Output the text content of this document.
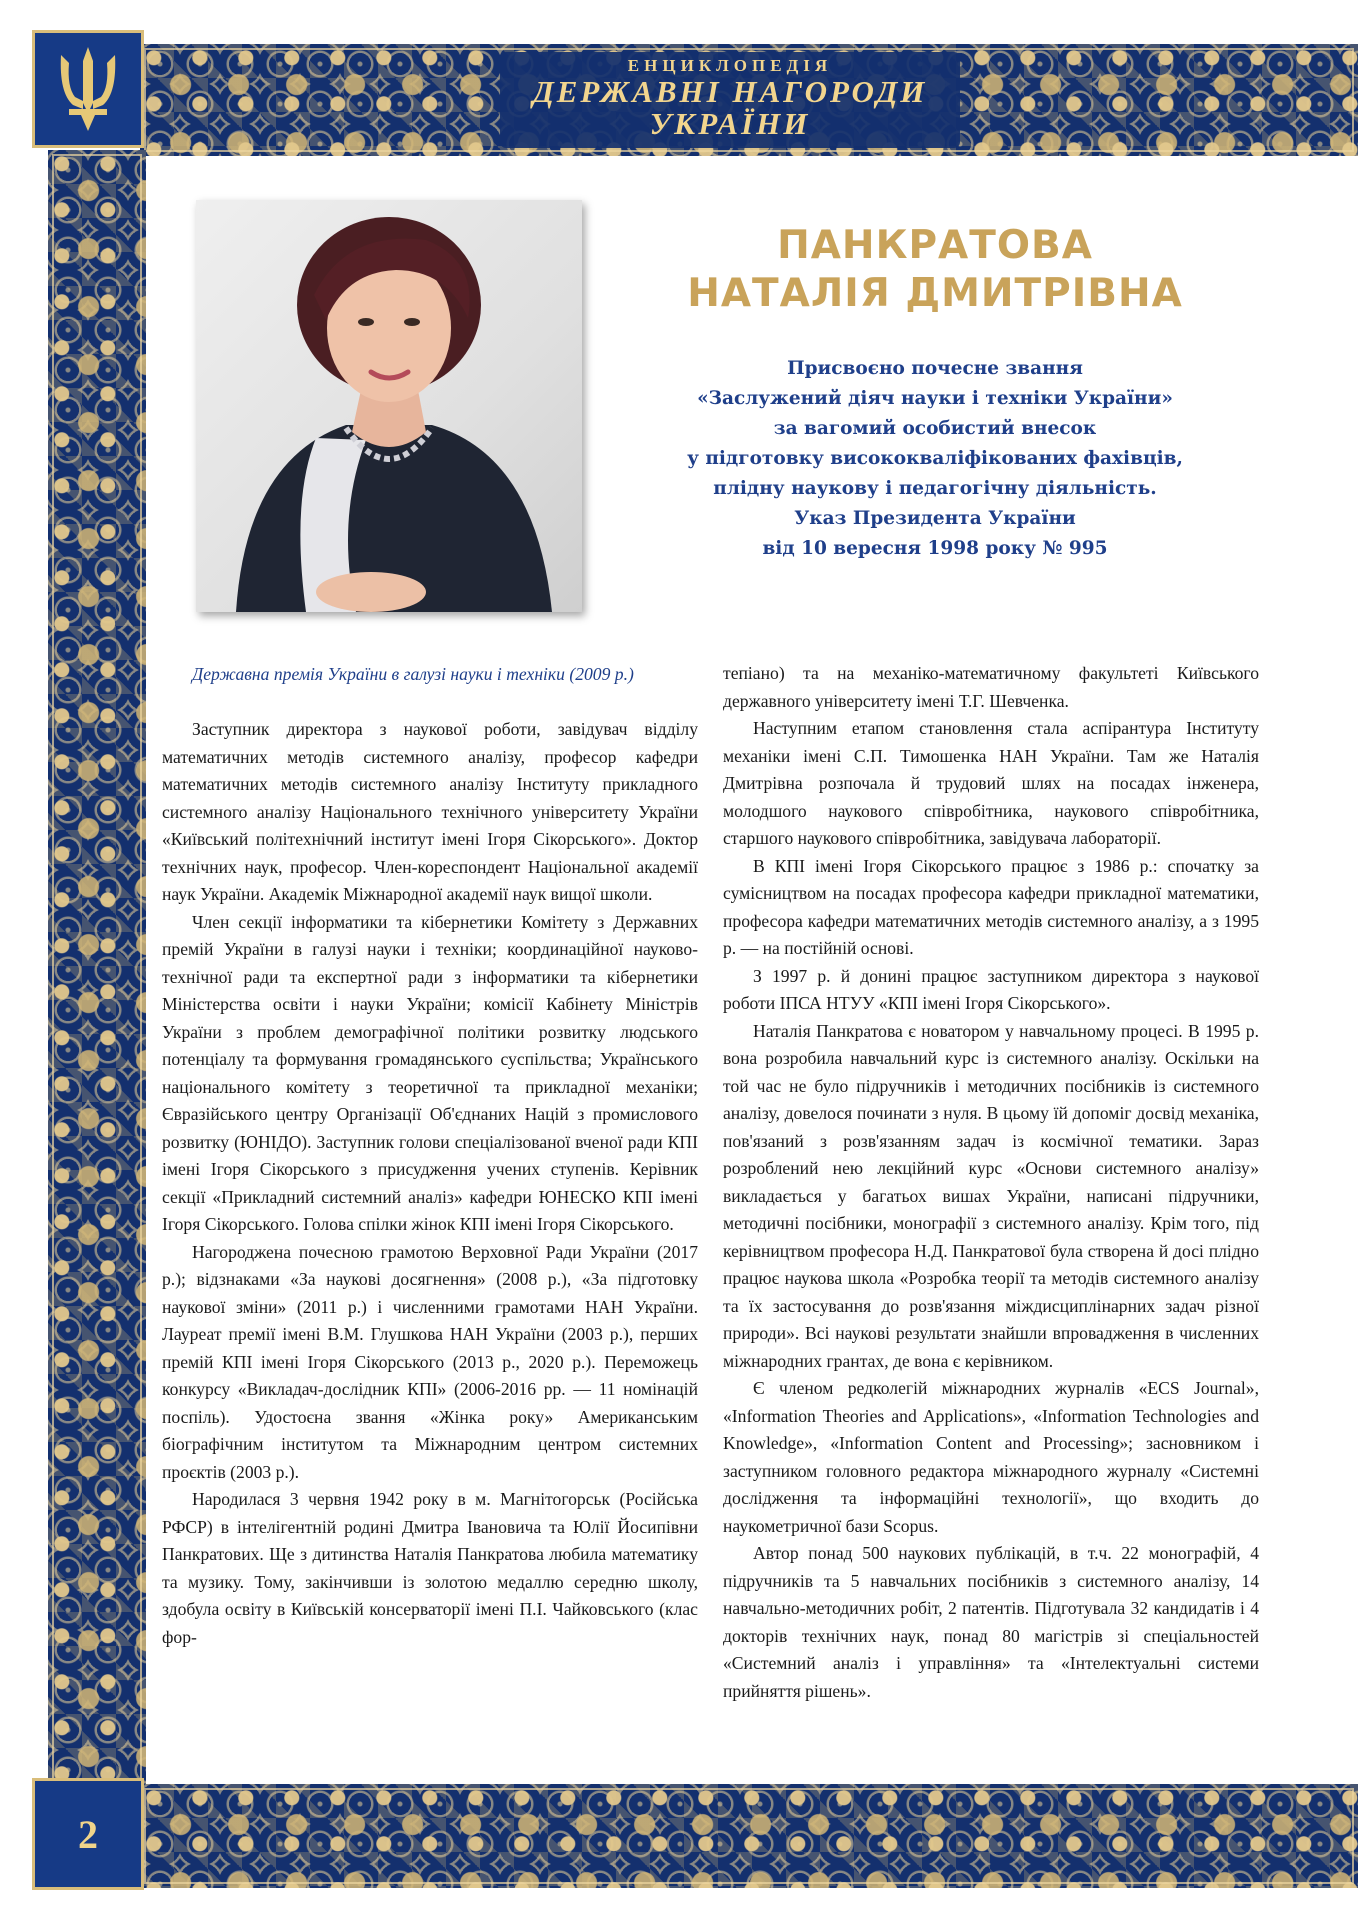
ЕНЦИКЛОПЕДІЯ
ДЕРЖАВНІ НАГОРОДИ
УКРАЇНИ
2
ПАНКРАТОВА
НАТАЛІЯ ДМИТРІВНА
Присвоєно почесне звання
«Заслужений діяч науки і техніки України»
за вагомий особистий внесок
у підготовку висококваліфікованих фахівців,
плідну наукову і педагогічну діяльність.
Указ Президента України
від 10 вересня 1998 року № 995

Державна премія України в галузі науки і техніки (2009 р.)

Заступник директора з наукової роботи, завідувач відділу математичних методів системного аналізу, професор кафедри математичних методів системного аналізу Інституту прикладного системного аналізу Національного технічного університету України «Київський політехнічний інститут імені Ігоря Сікорського». Доктор технічних наук, професор. Член-кореспондент Національної академії наук України. Академік Міжнародної академії наук вищої школи.

Член секції інформатики та кібернетики Комітету з Державних премій України в галузі науки і техніки; координаційної науково-технічної ради та експертної ради з інформатики та кібернетики Міністерства освіти і науки України; комісії Кабінету Міністрів України з проблем демографічної політики розвитку людського потенціалу та формування громадянського суспільства; Українського національного комітету з теоретичної та прикладної механіки; Євразійського центру Організації Об'єднаних Націй з промислового розвитку (ЮНІДО). Заступник голови спеціалізованої вченої ради КПІ імені Ігоря Сікорського з присудження учених ступенів. Керівник секції «Прикладний системний аналіз» кафедри ЮНЕСКО КПІ імені Ігоря Сікорського. Голова спілки жінок КПІ імені Ігоря Сікорського.

Нагороджена почесною грамотою Верховної Ради України (2017 р.); відзнаками «За наукові досягнення» (2008 р.), «За підготовку наукової зміни» (2011 р.) і численними грамотами НАН України. Лауреат премії імені В.М. Глушкова НАН України (2003 р.), перших премій КПІ імені Ігоря Сікорського (2013 р., 2020 р.). Переможець конкурсу «Викладач-дослідник КПІ» (2006-2016 рр. — 11 номінацій поспіль). Удостоєна звання «Жінка року» Американським біографічним інститутом та Міжнародним центром системних проєктів (2003 р.).

Народилася 3 червня 1942 року в м. Магнітогорськ (Російська РФСР) в інтелігентній родині Дмитра Івановича та Юлії Йосипівни Панкратових. Ще з дитинства Наталія Панкратова любила математику та музику. Тому, закінчивши із золотою медаллю середню школу, здобула освіту в Київській консерваторії імені П.І. Чайковського (клас фор-

тепіано) та на механіко-математичному факультеті Київського державного університету імені Т.Г. Шевченка.

Наступним етапом становлення стала аспірантура Інституту механіки імені С.П. Тимошенка НАН України. Там же Наталія Дмитрівна розпочала й трудовий шлях на посадах інженера, молодшого наукового співробітника, наукового співробітника, старшого наукового співробітника, завідувача лабораторії.

В КПІ імені Ігоря Сікорського працює з 1986 р.: спочатку за сумісництвом на посадах професора кафедри прикладної математики, професора кафедри математичних методів системного аналізу, а з 1995 р. — на постійній основі.

З 1997 р. й донині працює заступником директора з наукової роботи ІПСА НТУУ «КПІ імені Ігоря Сікорського».

Наталія Панкратова є новатором у навчальному процесі. В 1995 р. вона розробила навчальний курс із системного аналізу. Оскільки на той час не було підручників і методичних посібників із системного аналізу, довелося починати з нуля. В цьому їй допоміг досвід механіка, пов'язаний з розв'язанням задач із космічної тематики. Зараз розроблений нею лекційний курс «Основи системного аналізу» викладається у багатьох вишах України, написані підручники, методичні посібники, монографії з системного аналізу. Крім того, під керівництвом професора Н.Д. Панкратової була створена й досі плідно працює наукова школа «Розробка теорії та методів системного аналізу та їх застосування до розв'язання міждисциплінарних задач різної природи». Всі наукові результати знайшли впровадження в численних міжнародних грантах, де вона є керівником.

Є членом редколегій міжнародних журналів «ECS Journal», «Information Theories and Applications», «Information Technologies and Knowledge», «Information Content and Processing»; засновником і заступником головного редактора міжнародного журналу «Системні дослідження та інформаційні технології», що входить до наукометричної бази Scopus.

Автор понад 500 наукових публікацій, в т.ч. 22 монографій, 4 підручників та 5 навчальних посібників з системного аналізу, 14 навчально-методичних робіт, 2 патентів. Підготувала 32 кандидатів і 4 докторів технічних наук, понад 80 магістрів зі спеціальностей «Системний аналіз і управління» та «Інтелектуальні системи прийняття рішень».
